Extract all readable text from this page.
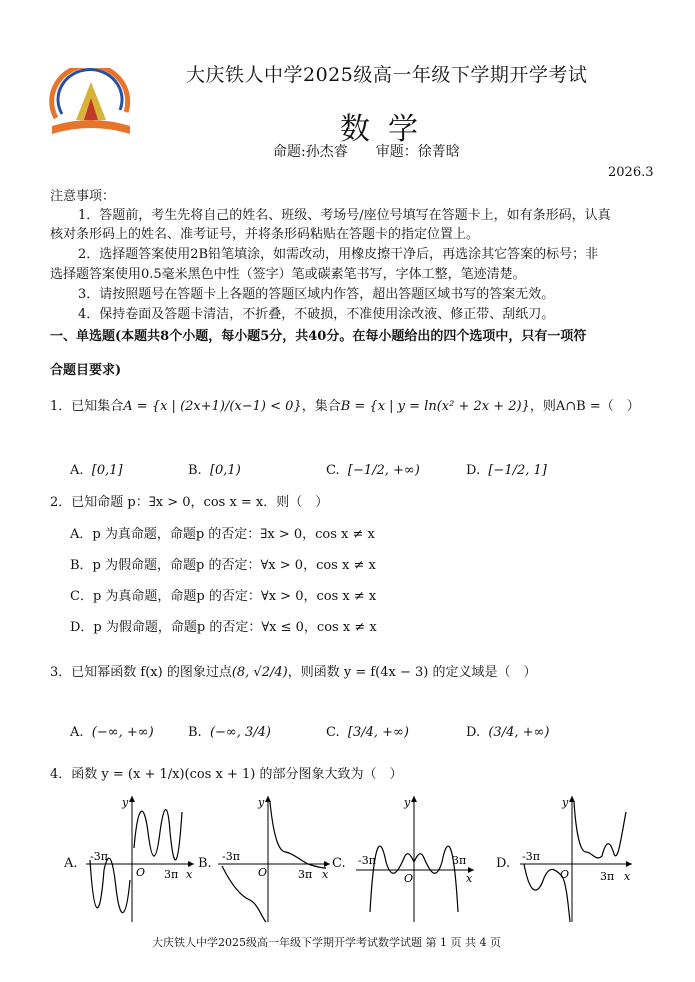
大庆铁人中学2025级高一年级下学期开学考试
数学
命题:孙杰睿　　审题：徐菁晗
2026.3
注意事项：
1．答题前，考生先将自己的姓名、班级、考场号/座位号填写在答题卡上，如有条形码，认真
核对条形码上的姓名、准考证号，并将条形码粘贴在答题卡的指定位置上。
2．选择题答案使用2B铅笔填涂，如需改动，用橡皮擦干净后，再选涂其它答案的标号；非
选择题答案使用0.5毫米黑色中性（签字）笔或碳素笔书写，字体工整，笔迹清楚。
3．请按照题号在答题卡上各题的答题区域内作答，超出答题区域书写的答案无效。
4．保持卷面及答题卡清洁，不折叠，不破损，不准使用涂改液、修正带、刮纸刀。
一、单选题(本题共8个小题，每小题5分，共40分。在每小题给出的四个选项中，只有一项符
合题目要求)
1．已知集合A = {x | (2x+1)/(x−1) < 0}，集合B = {x | y = ln(x² + 2x + 2)}，则A∩B =（　）
A. [0,1]	B. [0,1)	C. [−1/2, +∞)	D. [−1/2, 1]
2．已知命题 p：∃x > 0，cos x = x．则（　）
A．p 为真命题，命题p 的否定：∃x > 0，cos x ≠ x
B．p 为假命题，命题p 的否定：∀x > 0，cos x ≠ x
C．p 为真命题，命题p 的否定：∀x > 0，cos x ≠ x
D．p 为假命题，命题p 的否定：∀x ≤ 0，cos x ≠ x
3．已知幂函数 f(x) 的图象过点(8, √2/4)，则函数 y = f(4x − 3) 的定义域是（　）
A. (−∞, +∞)	B. (−∞, 3/4)	C. [3/4, +∞)	D. (3/4, +∞)
4．函数 y = (x + 1/x)(cos x + 1) 的部分图象大致为（　）
A. -3π
3π
O	x
y
B. -3π
3π
O	x
y
C. -3π	3π
O	x
y
D. -3π
3π
O	x
y
大庆铁人中学2025级高一年级下学期开学考试数学试题 第 1 页 共 4 页
